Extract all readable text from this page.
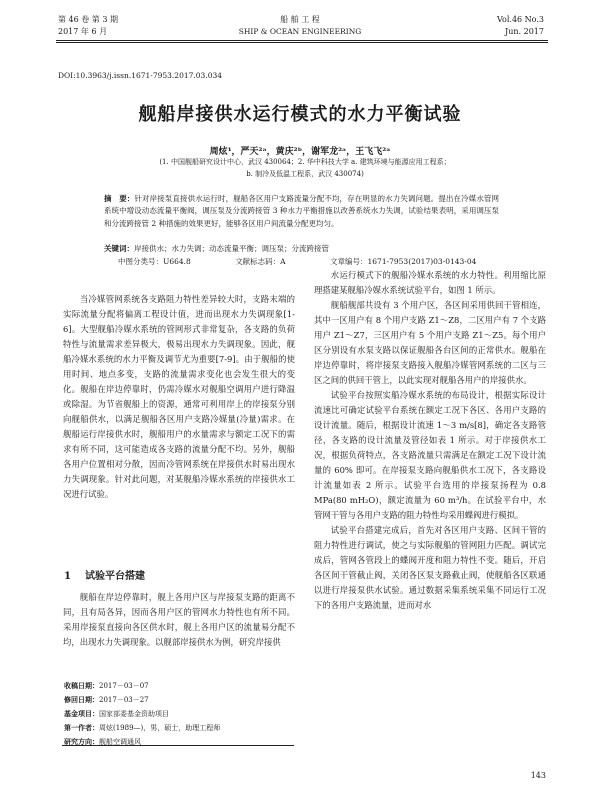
第 46 卷 第 3 期
2017 年 6 月
船 舶 工 程
SHIP & OCEAN ENGINEERING
Vol.46 No.3
Jun. 2017
DOI:10.3963/j.issn.1671-7953.2017.03.034
舰船岸接供水运行模式的水力平衡试验
周炫¹，严天²ᵃ，黄庆²ᵇ，谢军龙²ᵃ，王飞飞²ᵃ
(1. 中国舰船研究设计中心，武汉 430064；2. 华中科技大学 a. 建筑环境与能源应用工程系；
b. 制冷及低温工程系，武汉 430074)
摘　要：针对岸接泵直接供水运行时，舰船各区用户支路流量分配不均，存在明显的水力失调问题。提出在冷媒水管网系统中增设动态流量平衡阀，调压泵及分流跨接管 3 种水力平衡措施以改善系统水力失调，试验结果表明，采用调压泵和分流跨接管 2 种措施的效果更好，能够各区用户间流量分配更均匀。
关键词：岸接供水；水力失调；动态流量平衡；调压泵；分流跨接管
中图分类号：U664.8	文献标志码：A	文章编号：1671-7953(2017)03-0143-04

当冷媒管网系统各支路阻力特性差异较大时，支路末端的实际流量分配将偏离工程设计值，进而出现水力失调现象[1-6]。大型舰船冷媒水系统的管网形式非常复杂，各支路的负荷特性与流量需求差异极大，极易出现水力失调现象。因此，舰船冷媒水系统的水力平衡及调节尤为重要[7-9]。由于舰船的使用时间、地点多变，支路的流量需求变化也会发生很大的变化。舰船在岸边停靠时，仍需冷媒水对舰船空调用户进行降温或除湿。为节省舰船上的资源，通常可利用岸上的岸接泵分别向舰船供水，以满足舰船各区用户支路冷媒量(冷量)需求。在舰船运行岸接供水时，舰船用户的水量需求与额定工况下的需求有所不同，这可能造成各支路的流量分配不均。另外，舰船各用户位置相对分散，因而冷管网系统在岸接供水时易出现水力失调现象。针对此问题，对某舰船冷媒水系统的岸接供水工况进行试验。

1 试验平台搭建

舰船在岸边停靠时，舰上各用户区与岸接泵支路的距离不同，且有局各异，因而各用户区的管网水力特性也有所不同。采用岸接泵直接向各区供水时，舰上各用户区的流量易分配不均，出现水力失调现象。以舰部岸接供水为例，研究岸接供

水运行模式下的舰船冷媒水系统的水力特性。利用缩比原理搭建某舰船冷媒水系统试验平台，如图 1 所示。

舰船舰部共设有 3 个用户区，各区间采用供回干管相连，其中一区用户有 8 个用户支路 Z1～Z8，二区用户有 7 个支路用户 Z1～Z7，三区用户有 5 个用户支路 Z1～Z5。每个用户区分别设有水泵支路以保证舰船各台区间的正常供水。舰船在岸边停靠时，将岸接泵支路接入舰船冷媒管网系统的二区与三区之间的供回干管上，以此实现对舰船各用户的岸接供水。

试验平台按照实船冷媒水系统的布局设计，根据实际设计流速比可确定试验平台系统在额定工况下各区、各用户支路的设计流量。随后，根据设计流速 1～3 m/s[8]，确定各支路管径，各支路的设计流量及管径如表 1 所示。对于岸接供水工况，根据负荷特点，各支路流量只需满足在额定工况下设计流量的 60% 即可。在岸接泵支路向舰船供水工况下，各支路设计流量如表 2 所示。试验平台选用的岸接泵扬程为 0.8 MPa(80 mH₂O)，额定流量为 60 m³/h。在试验平台中，水管网干管与各用户支路的阻力特性均采用蝶阀进行模拟。

试验平台搭建完成后，首先对各区用户支路、区间干管的阻力特性进行调试，使之与实际舰船的管网阻力匹配。调试完成后，管网各管段上的蝶阀开度和阻力特性不变。随后，开启各区间干管截止阀，关闭各区泵支路截止阀，使舰船各区联通以进行岸接泵供水试验。通过数据采集系统采集不同运行工况下的各用户支路流量，进而对水

收稿日期：2017－03－07
修回日期：2017－03－27
基金项目：国家部委基金资助项目
第一作者：周炫(1989—)，男，硕士，助理工程师
研究方向：舰船空调通风
143
